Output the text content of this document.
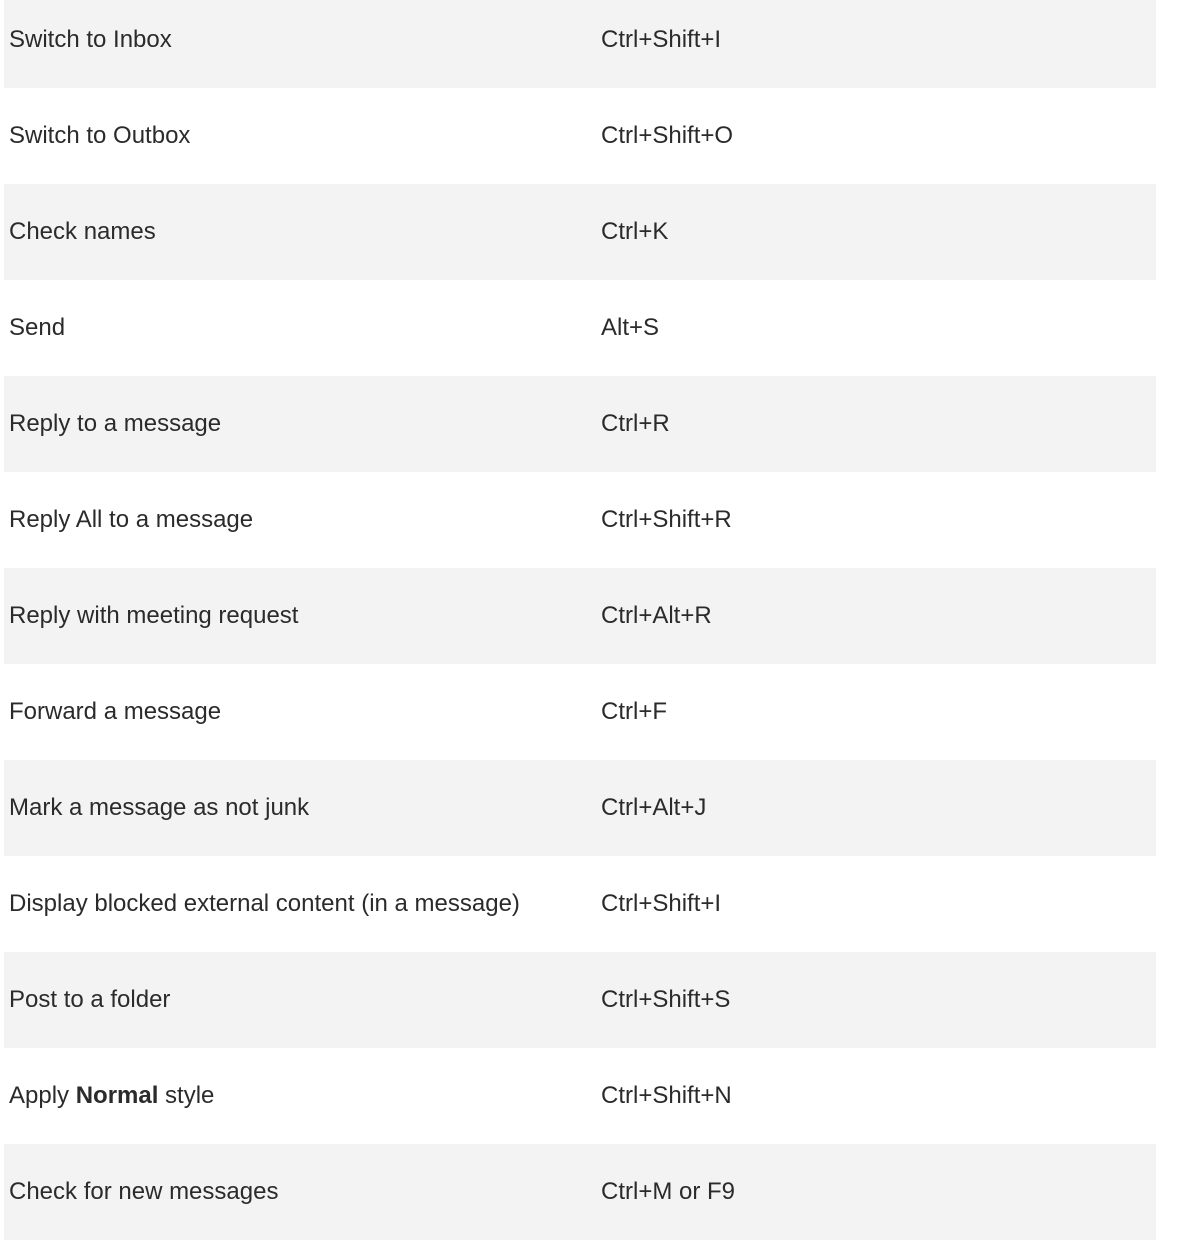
Switch to Inbox	Ctrl+Shift+I
Switch to Outbox	Ctrl+Shift+O
Check names	Ctrl+K
Send	Alt+S
Reply to a message	Ctrl+R
Reply All to a message	Ctrl+Shift+R
Reply with meeting request	Ctrl+Alt+R
Forward a message	Ctrl+F
Mark a message as not junk	Ctrl+Alt+J
Display blocked external content (in a message)	Ctrl+Shift+I
Post to a folder	Ctrl+Shift+S
Apply Normal style	Ctrl+Shift+N
Check for new messages	Ctrl+M or F9
